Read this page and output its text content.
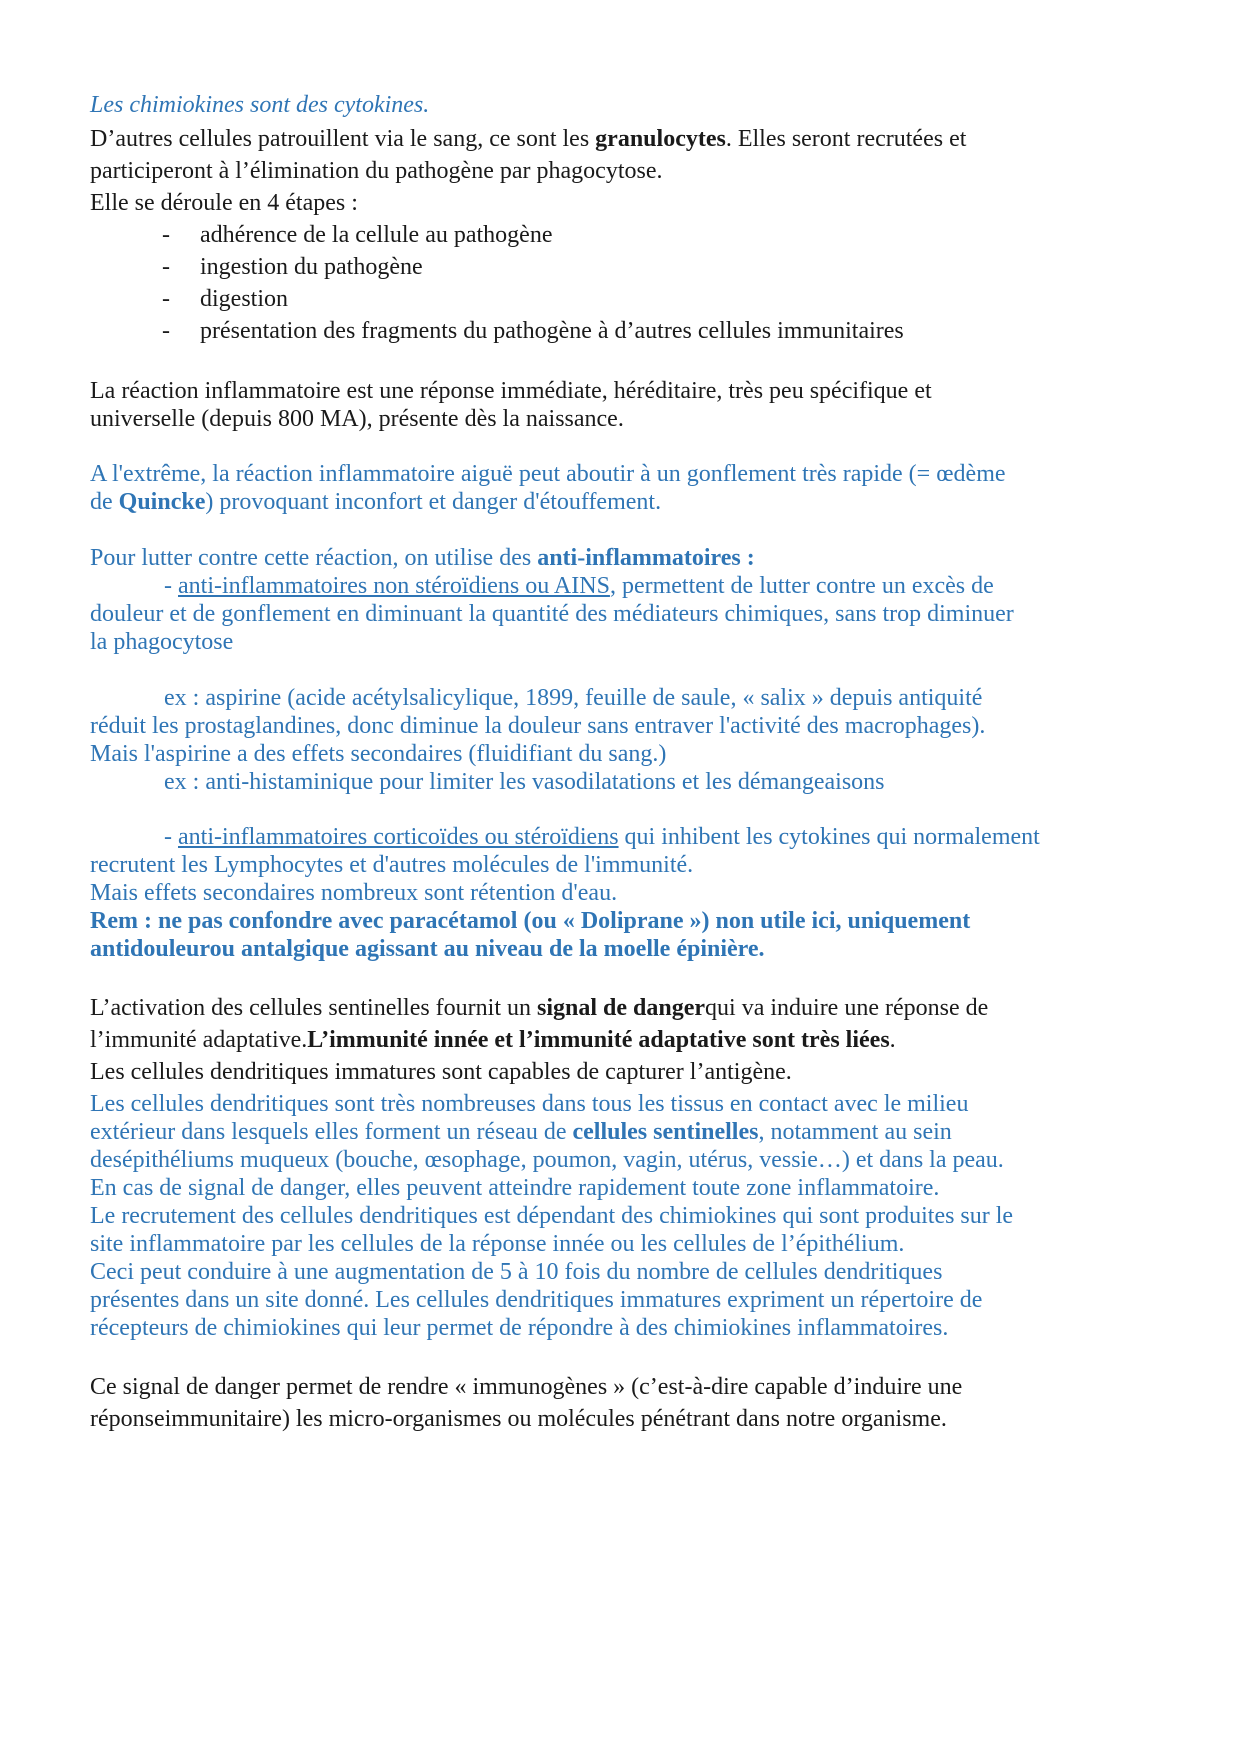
Les chimiokines sont des cytokines.
D’autres cellules patrouillent via le sang, ce sont les granulocytes. Elles seront recrutées et
participeront à l’élimination du pathogène par phagocytose.
Elle se déroule en 4 étapes :
- adhérence de la cellule au pathogène
- ingestion du pathogène
- digestion
- présentation des fragments du pathogène à d’autres cellules immunitaires
La réaction inflammatoire est une réponse immédiate, héréditaire, très peu spécifique et
universelle (depuis 800 MA), présente dès la naissance.
A l'extrême, la réaction inflammatoire aiguë peut aboutir à un gonflement très rapide (= œdème
de Quincke) provoquant inconfort et danger d'étouffement.
Pour lutter contre cette réaction, on utilise des anti-inflammatoires :
- anti-inflammatoires non stéroïdiens ou AINS, permettent de lutter contre un excès de
douleur et de gonflement en diminuant la quantité des médiateurs chimiques, sans trop diminuer
la phagocytose
ex : aspirine (acide acétylsalicylique, 1899, feuille de saule, « salix » depuis antiquité
réduit les prostaglandines, donc diminue la douleur sans entraver l'activité des macrophages).
Mais l'aspirine a des effets secondaires (fluidifiant du sang.)
ex : anti-histaminique pour limiter les vasodilatations et les démangeaisons
- anti-inflammatoires corticoïdes ou stéroïdiens qui inhibent les cytokines qui normalement
recrutent les Lymphocytes et d'autres molécules de l'immunité.
Mais effets secondaires nombreux sont rétention d'eau.
Rem : ne pas confondre avec paracétamol (ou « Doliprane ») non utile ici, uniquement
antidouleurou antalgique agissant au niveau de la moelle épinière.
L’activation des cellules sentinelles fournit un signal de dangerqui va induire une réponse de
l’immunité adaptative.L’immunité innée et l’immunité adaptative sont très liées.
Les cellules dendritiques immatures sont capables de capturer l’antigène.
Les cellules dendritiques sont très nombreuses dans tous les tissus en contact avec le milieu
extérieur dans lesquels elles forment un réseau de cellules sentinelles, notamment au sein
desépithéliums muqueux (bouche, œsophage, poumon, vagin, utérus, vessie…) et dans la peau.
En cas de signal de danger, elles peuvent atteindre rapidement toute zone inflammatoire.
Le recrutement des cellules dendritiques est dépendant des chimiokines qui sont produites sur le
site inflammatoire par les cellules de la réponse innée ou les cellules de l’épithélium.
Ceci peut conduire à une augmentation de 5 à 10 fois du nombre de cellules dendritiques
présentes dans un site donné. Les cellules dendritiques immatures expriment un répertoire de
récepteurs de chimiokines qui leur permet de répondre à des chimiokines inflammatoires.
Ce signal de danger permet de rendre « immunogènes » (c’est-à-dire capable d’induire une
réponseimmunitaire) les micro-organismes ou molécules pénétrant dans notre organisme.
